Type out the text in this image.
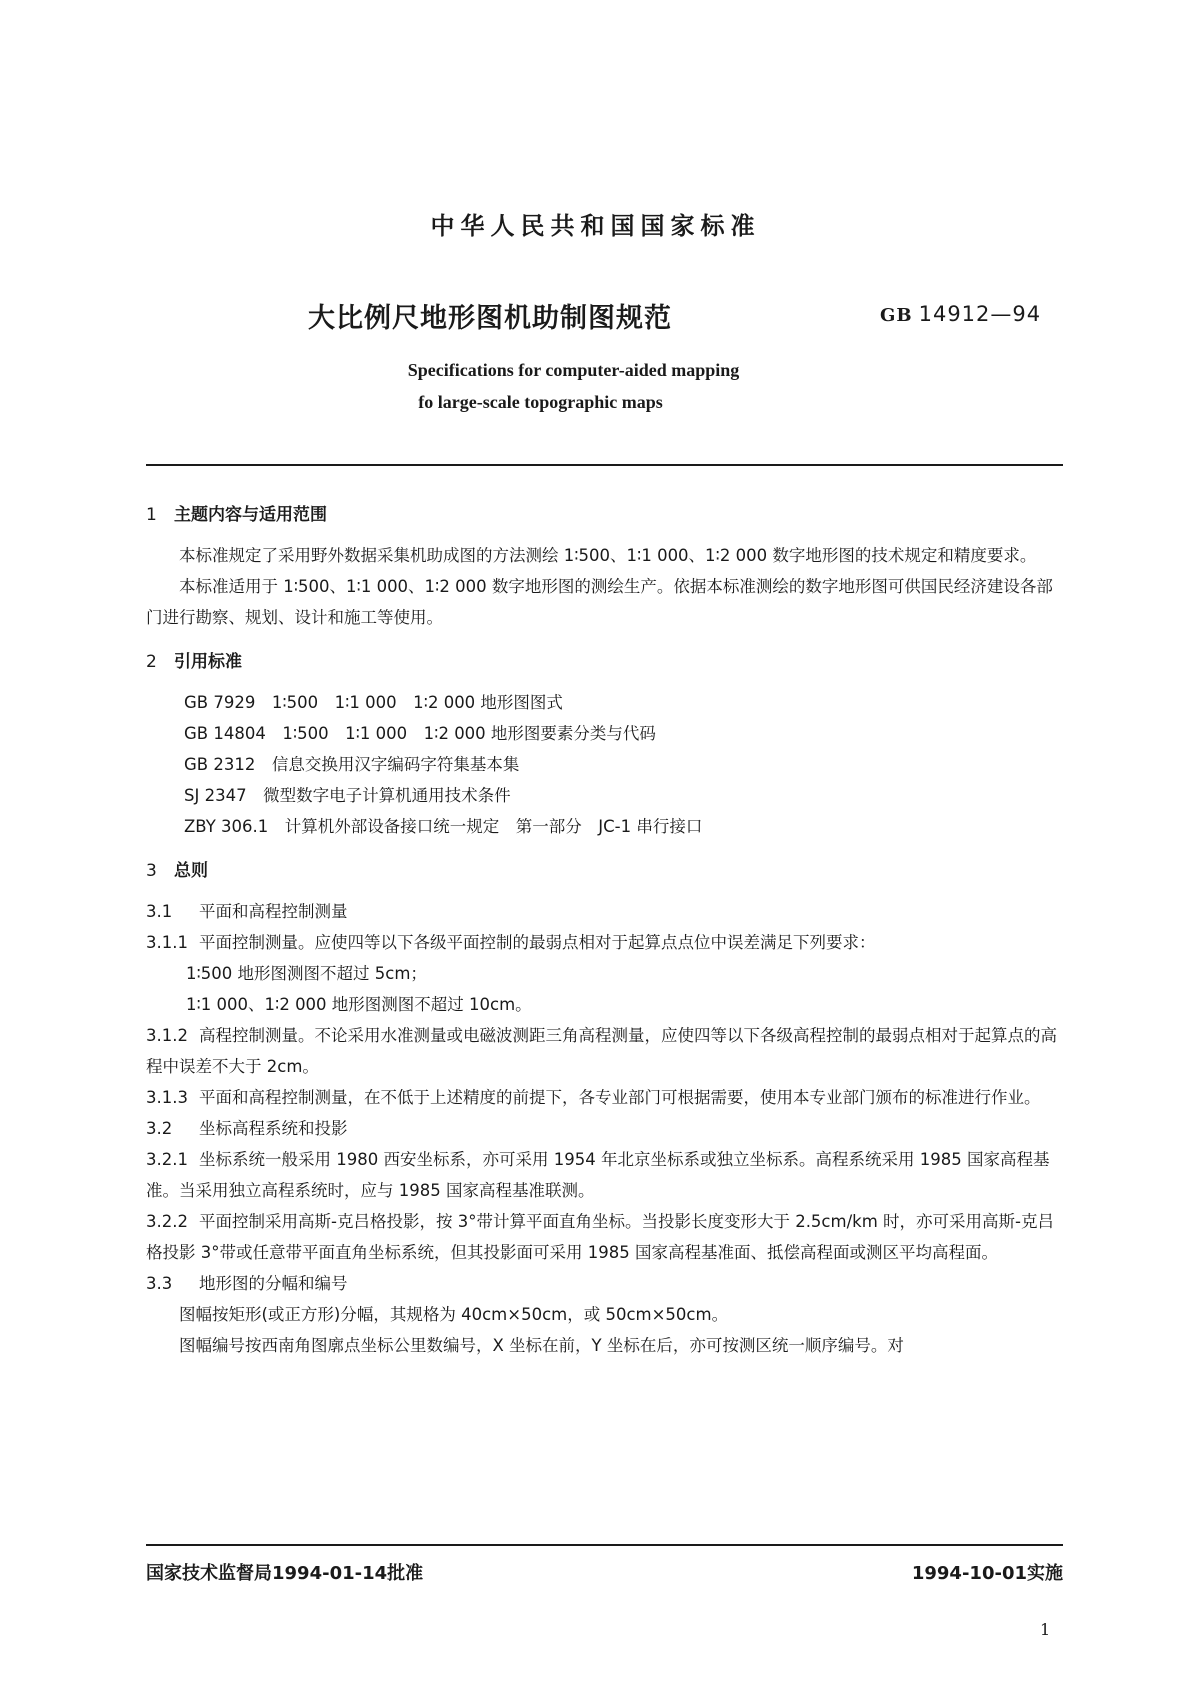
中华人民共和国国家标准
大比例尺地形图机助制图规范	GB 14912—94
Specifications for computer-aided mapping
fo large-scale topographic maps
1 主题内容与适用范围
本标准规定了采用野外数据采集机助成图的方法测绘 1∶500、1∶1 000、1∶2 000 数字地形图的技术规定和精度要求。
本标准适用于 1∶500、1∶1 000、1∶2 000 数字地形图的测绘生产。依据本标准测绘的数字地形图可供国民经济建设各部门进行勘察、规划、设计和施工等使用。
2 引用标准
GB 7929　1∶500　1∶1 000　1∶2 000 地形图图式
GB 14804　1∶500　1∶1 000　1∶2 000 地形图要素分类与代码
GB 2312　信息交换用汉字编码字符集基本集
SJ 2347　微型数字电子计算机通用技术条件
ZBY 306.1　计算机外部设备接口统一规定　第一部分　JC-1 串行接口
3 总则
3.1 平面和高程控制测量
3.1.1 平面控制测量。应使四等以下各级平面控制的最弱点相对于起算点点位中误差满足下列要求：
1∶500 地形图测图不超过 5cm；
1∶1 000、1∶2 000 地形图测图不超过 10cm。
3.1.2 高程控制测量。不论采用水准测量或电磁波测距三角高程测量，应使四等以下各级高程控制的最弱点相对于起算点的高程中误差不大于 2cm。
3.1.3 平面和高程控制测量，在不低于上述精度的前提下，各专业部门可根据需要，使用本专业部门颁布的标准进行作业。
3.2 坐标高程系统和投影
3.2.1 坐标系统一般采用 1980 西安坐标系，亦可采用 1954 年北京坐标系或独立坐标系。高程系统采用 1985 国家高程基准。当采用独立高程系统时，应与 1985 国家高程基准联测。
3.2.2 平面控制采用高斯-克吕格投影，按 3°带计算平面直角坐标。当投影长度变形大于 2.5cm/km 时，亦可采用高斯-克吕格投影 3°带或任意带平面直角坐标系统，但其投影面可采用 1985 国家高程基准面、抵偿高程面或测区平均高程面。
3.3 地形图的分幅和编号
图幅按矩形(或正方形)分幅，其规格为 40cm×50cm，或 50cm×50cm。
图幅编号按西南角图廓点坐标公里数编号，X 坐标在前，Y 坐标在后，亦可按测区统一顺序编号。对
国家技术监督局1994-01-14批准	1994-10-01实施
1
